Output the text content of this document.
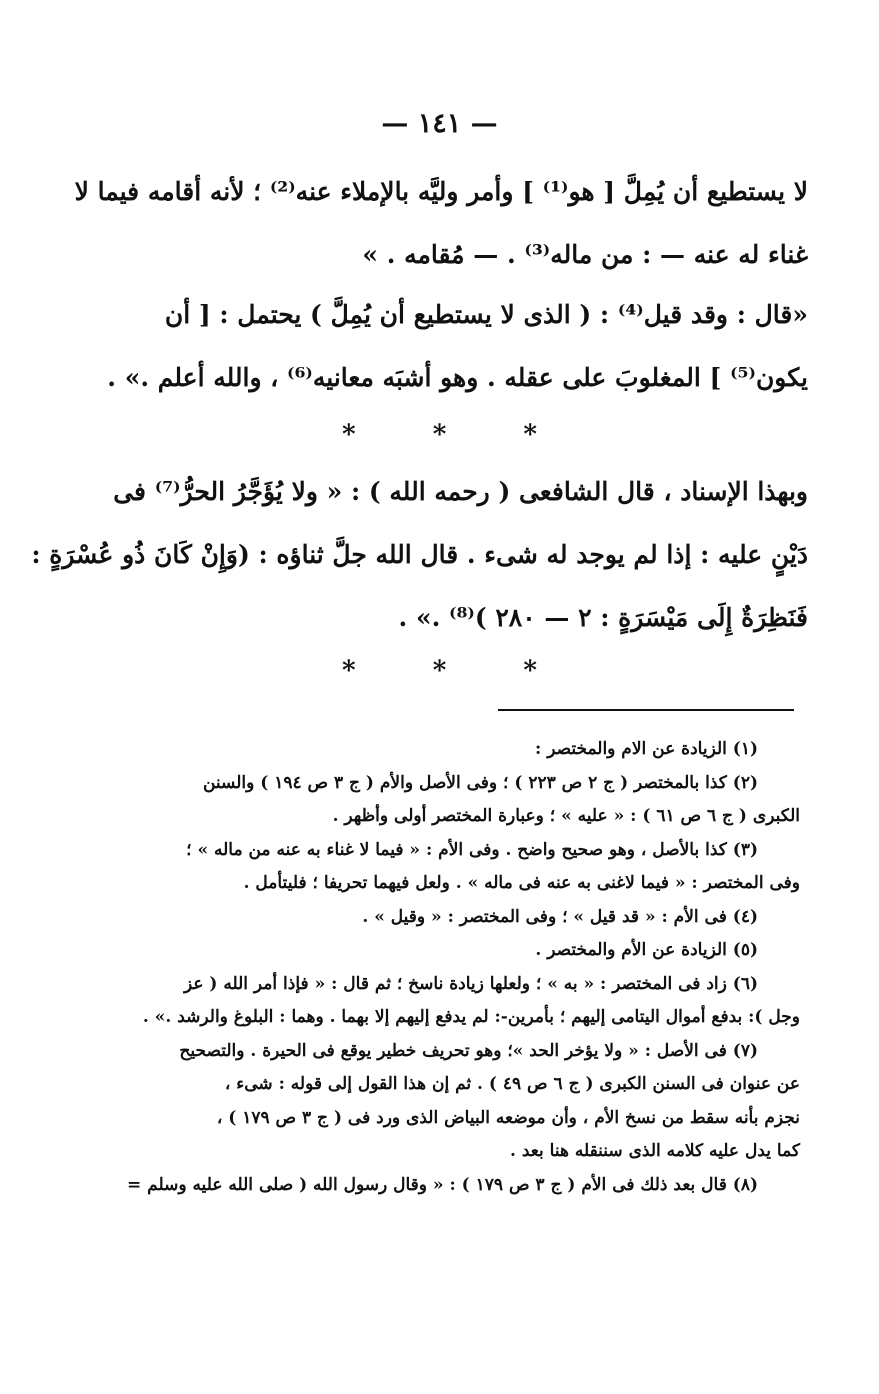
— ١٤١ —
لا يستطيع أن يُمِلَّ [ هو⁽¹⁾ ] وأمر وليَّه بالإملاء عنه⁽²⁾ ؛ لأنه أقامه فيما لا
غناء له عنه — : من ماله⁽³⁾ . — مُقامه . »
«قال : وقد قيل⁽⁴⁾ : ( الذى لا يستطيع أن يُمِلَّ ) يحتمل : [ أن
يكون⁽⁵⁾ ] المغلوبَ على عقله . وهو أشبَه معانيه⁽⁶⁾ ، والله أعلم .» .
* * *
وبهذا الإسناد ، قال الشافعى ( رحمه الله ) : « ولا يُؤَجَّرُ الحرُّ⁽⁷⁾ فى
دَيْنٍ عليه : إذا لم يوجد له شىء . قال الله جلَّ ثناؤه : (وَإِنْ كَانَ ذُو عُسْرَةٍ :
فَنَظِرَةٌ إِلَى مَيْسَرَةٍ : ٢ — ٢٨٠ )⁽⁸⁾ .» .
* * *
(١) الزيادة عن الام والمختصر :
(٢) كذا بالمختصر ( ج ٢ ص ٢٢٣ ) ؛ وفى الأصل والأم ( ج ٣ ص ١٩٤ ) والسنن
الكبرى ( ج ٦ ص ٦١ ) : « عليه » ؛ وعبارة المختصر أولى وأظهر .
(٣) كذا بالأصل ، وهو صحيح واضح . وفى الأم : « فيما لا غناء به عنه من ماله » ؛
وفى المختصر : « فيما لاغنى به عنه فى ماله » . ولعل فيهما تحريفا ؛ فليتأمل .
(٤) فى الأم : « قد قيل » ؛ وفى المختصر : « وقيل » .
(٥) الزيادة عن الأم والمختصر .
(٦) زاد فى المختصر : « به » ؛ ولعلها زيادة ناسخ ؛ ثم قال : « فإذا أمر الله ( عز
وجل ): بدفع أموال اليتامى إليهم ؛ بأمرين-: لم يدفع إليهم إلا بهما . وهما : البلوغ والرشد .» .
(٧) فى الأصل : « ولا يؤخر الحد »؛ وهو تحريف خطير يوقع فى الحيرة . والتصحيح
عن عنوان فى السنن الكبرى ( ج ٦ ص ٤٩ ) . ثم إن هذا القول إلى قوله : شىء ،
نجزم بأنه سقط من نسخ الأم ، وأن موضعه البياض الذى ورد فى ( ج ٣ ص ١٧٩ ) ،
كما يدل عليه كلامه الذى سننقله هنا بعد .
(٨) قال بعد ذلك فى الأم ( ج ٣ ص ١٧٩ ) : « وقال رسول الله ( صلى الله عليه وسلم =
